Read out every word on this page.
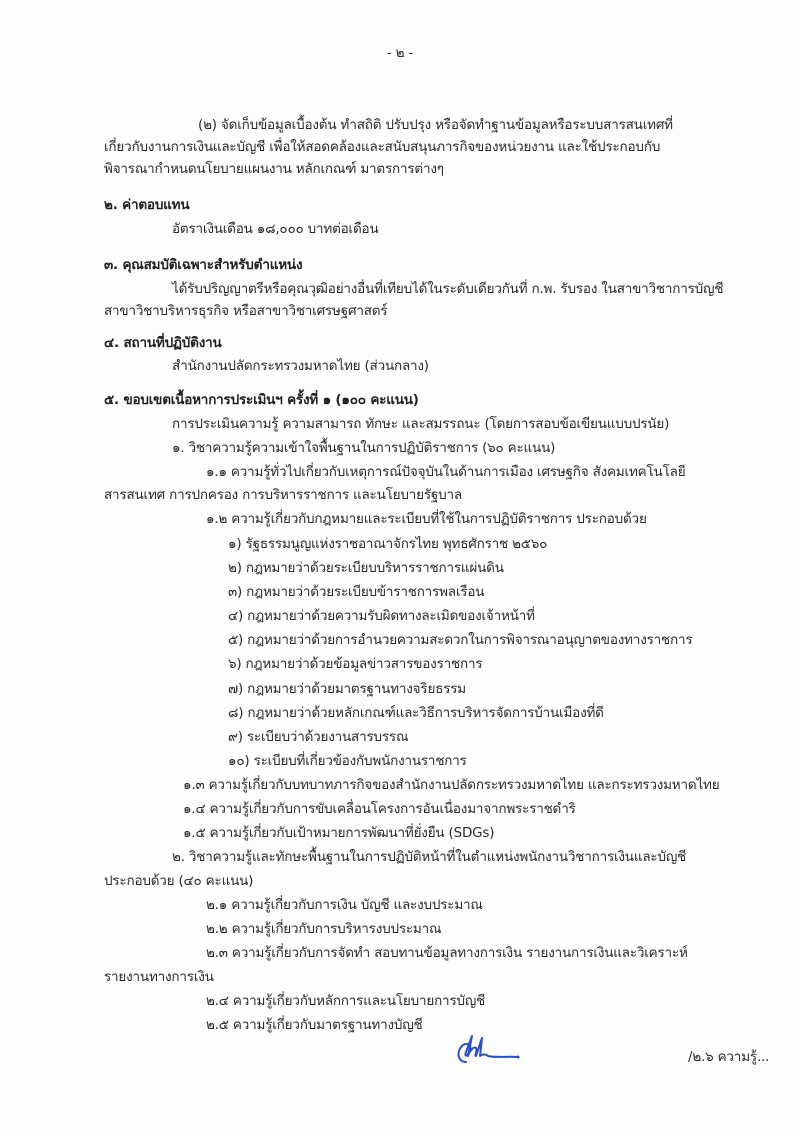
- ๒ -
(๒) จัดเก็บข้อมูลเบื้องต้น ทำสถิติ ปรับปรุง หรือจัดทำฐานข้อมูลหรือระบบสารสนเทศที่
เกี่ยวกับงานการเงินและบัญชี เพื่อให้สอดคล้องและสนับสนุนภารกิจของหน่วยงาน และใช้ประกอบกับ
พิจารณากำหนดนโยบายแผนงาน หลักเกณฑ์ มาตรการต่างๆ
๒. ค่าตอบแทน
อัตราเงินเดือน ๑๘,๐๐๐ บาทต่อเดือน
๓. คุณสมบัติเฉพาะสำหรับตำแหน่ง
ได้รับปริญญาตรีหรือคุณวุฒิอย่างอื่นที่เทียบได้ในระดับเดียวกันที่ ก.พ. รับรอง ในสาขาวิชาการบัญชี
สาขาวิชาบริหารธุรกิจ หรือสาขาวิชาเศรษฐศาสตร์
๔. สถานที่ปฏิบัติงาน
สำนักงานปลัดกระทรวงมหาดไทย (ส่วนกลาง)
๕. ขอบเขตเนื้อหาการประเมินฯ ครั้งที่ ๑ (๑๐๐ คะแนน)
การประเมินความรู้ ความสามารถ ทักษะ และสมรรถนะ (โดยการสอบข้อเขียนแบบปรนัย)
๑. วิชาความรู้ความเข้าใจพื้นฐานในการปฏิบัติราชการ (๖๐ คะแนน)
๑.๑ ความรู้ทั่วไปเกี่ยวกับเหตุการณ์ปัจจุบันในด้านการเมือง เศรษฐกิจ สังคมเทคโนโลยี
สารสนเทศ การปกครอง การบริหารราชการ และนโยบายรัฐบาล
๑.๒ ความรู้เกี่ยวกับกฎหมายและระเบียบที่ใช้ในการปฏิบัติราชการ ประกอบด้วย
๑) รัฐธรรมนูญแห่งราชอาณาจักรไทย พุทธศักราช ๒๕๖๐
๒) กฎหมายว่าด้วยระเบียบบริหารราชการแผ่นดิน
๓) กฎหมายว่าด้วยระเบียบข้าราชการพลเรือน
๔) กฎหมายว่าด้วยความรับผิดทางละเมิดของเจ้าหน้าที่
๕) กฎหมายว่าด้วยการอำนวยความสะดวกในการพิจารณาอนุญาตของทางราชการ
๖) กฎหมายว่าด้วยข้อมูลข่าวสารของราชการ
๗) กฎหมายว่าด้วยมาตรฐานทางจริยธรรม
๘) กฎหมายว่าด้วยหลักเกณฑ์และวิธีการบริหารจัดการบ้านเมืองที่ดี
๙) ระเบียบว่าด้วยงานสารบรรณ
๑๐) ระเบียบที่เกี่ยวข้องกับพนักงานราชการ
๑.๓ ความรู้เกี่ยวกับบทบาทภารกิจของสำนักงานปลัดกระทรวงมหาดไทย และกระทรวงมหาดไทย
๑.๔ ความรู้เกี่ยวกับการขับเคลื่อนโครงการอันเนื่องมาจากพระราชดำริ
๑.๕ ความรู้เกี่ยวกับเป้าหมายการพัฒนาที่ยั่งยืน (SDGs)
๒. วิชาความรู้และทักษะพื้นฐานในการปฏิบัติหน้าที่ในตำแหน่งพนักงานวิชาการเงินและบัญชี
ประกอบด้วย (๔๐ คะแนน)
๒.๑ ความรู้เกี่ยวกับการเงิน บัญชี และงบประมาณ
๒.๒ ความรู้เกี่ยวกับการบริหารงบประมาณ
๒.๓ ความรู้เกี่ยวกับการจัดทำ สอบทานข้อมูลทางการเงิน รายงานการเงินและวิเคราะห์
รายงานทางการเงิน
๒.๔ ความรู้เกี่ยวกับหลักการและนโยบายการบัญชี
๒.๕ ความรู้เกี่ยวกับมาตรฐานทางบัญชี
/๒.๖ ความรู้...
